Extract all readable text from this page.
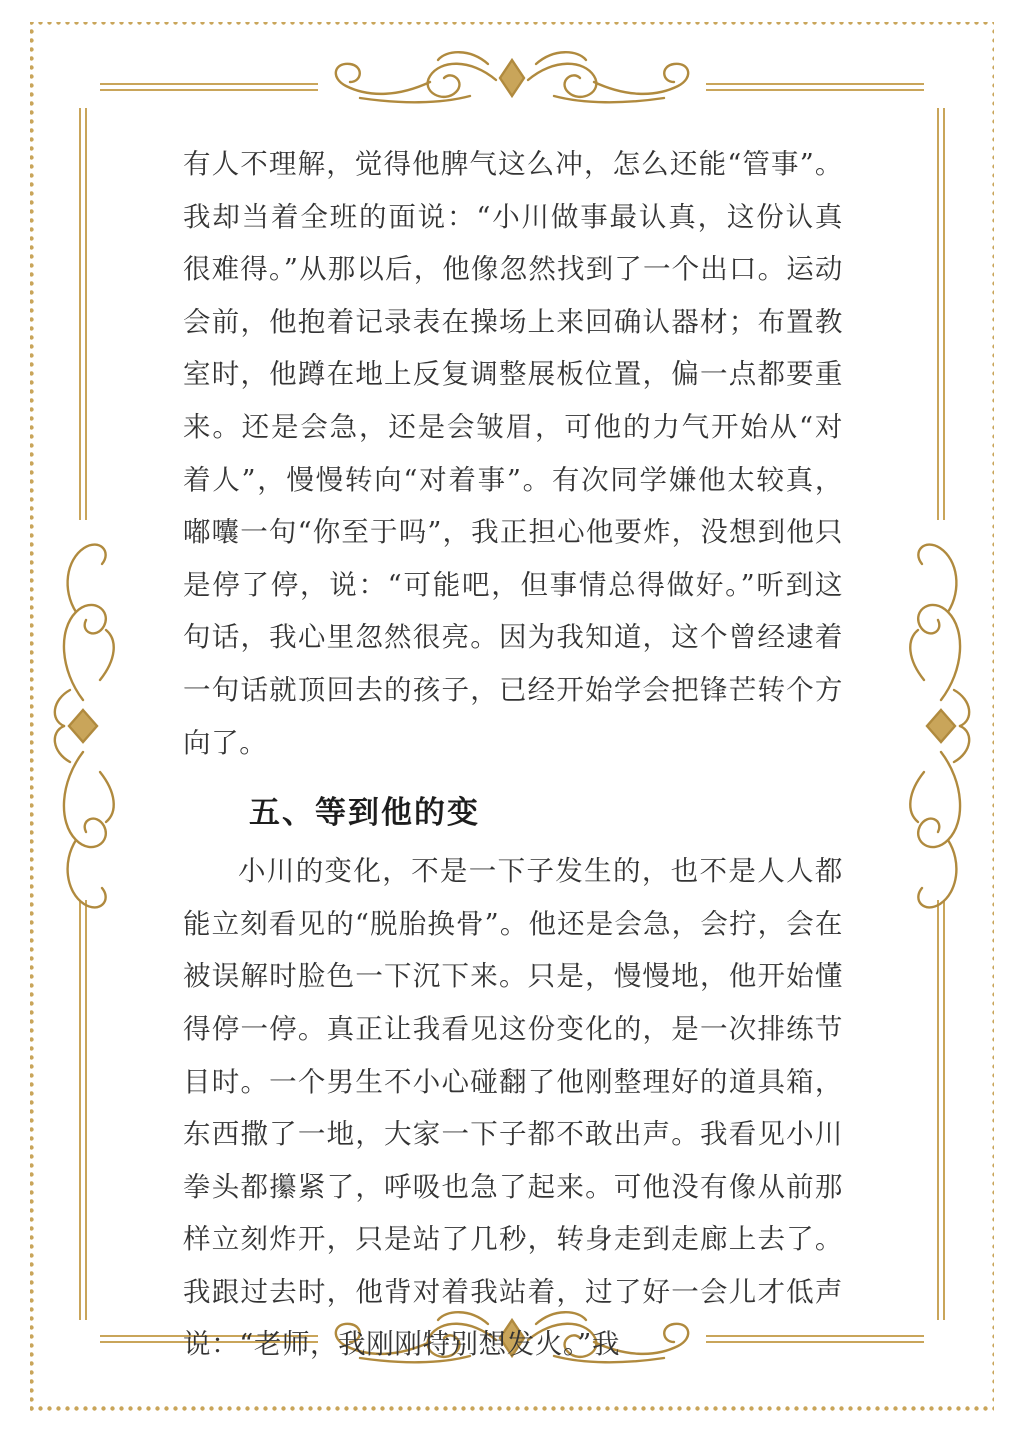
有人不理解，觉得他脾气这么冲，怎么还能“管事”。我却当着全班的面说：“小川做事最认真，这份认真很难得。”从那以后，他像忽然找到了一个出口。运动会前，他抱着记录表在操场上来回确认器材；布置教室时，他蹲在地上反复调整展板位置，偏一点都要重来。还是会急，还是会皱眉，可他的力气开始从“对着人”，慢慢转向“对着事”。有次同学嫌他太较真，嘟囔一句“你至于吗”，我正担心他要炸，没想到他只是停了停，说：“可能吧，但事情总得做好。”听到这句话，我心里忽然很亮。因为我知道，这个曾经逮着一句话就顶回去的孩子，已经开始学会把锋芒转个方向了。

五、等到他的变

小川的变化，不是一下子发生的，也不是人人都能立刻看见的“脱胎换骨”。他还是会急，会拧，会在被误解时脸色一下沉下来。只是，慢慢地，他开始懂得停一停。真正让我看见这份变化的，是一次排练节目时。一个男生不小心碰翻了他刚整理好的道具箱，东西撒了一地，大家一下子都不敢出声。我看见小川拳头都攥紧了，呼吸也急了起来。可他没有像从前那样立刻炸开，只是站了几秒，转身走到走廊上去了。我跟过去时，他背对着我站着，过了好一会儿才低声说：“老师，我刚刚特别想发火。”我
